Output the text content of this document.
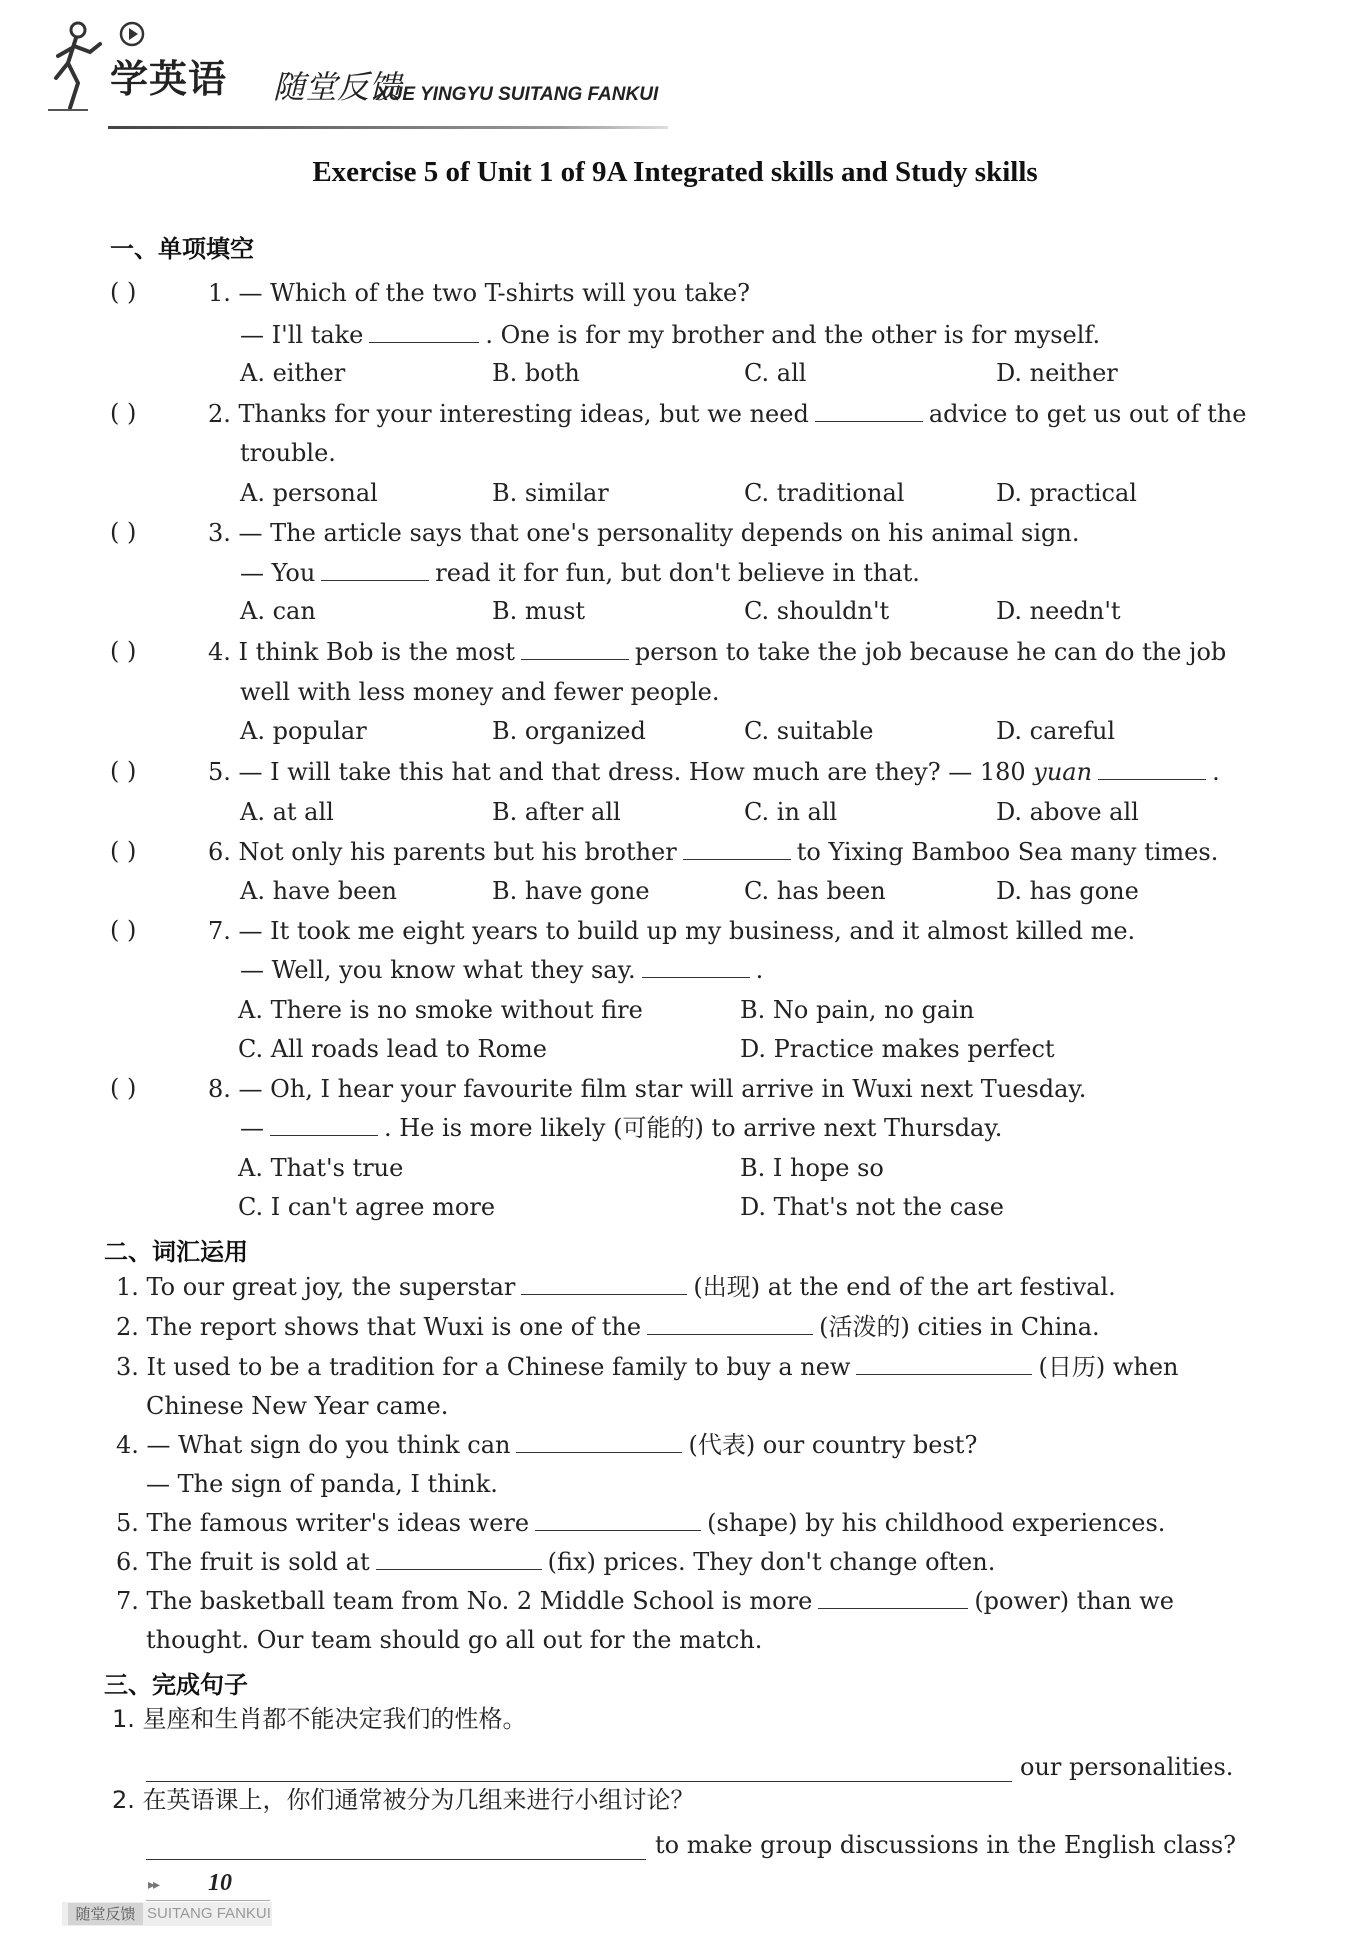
学英语 随堂反馈
XUE YINGYU SUITANG FANKUI
Exercise 5 of Unit 1 of 9A Integrated skills and Study skills
一、单项填空
( )	1. — Which of the two T-shirts will you take?
— I'll take	. One is for my brother and the other is for myself.
A. either	B. both	C. all	D. neither
( )	2. Thanks for your interesting ideas, but we need	advice to get us out of the
trouble.
A. personal	B. similar	C. traditional	D. practical
( )	3. — The article says that one's personality depends on his animal sign.
— You	read it for fun, but don't believe in that.
A. can	B. must	C. shouldn't	D. needn't
( )	4. I think Bob is the most	person to take the job because he can do the job
well with less money and fewer people.
A. popular	B. organized	C. suitable	D. careful
( )	5. — I will take this hat and that dress. How much are they? — 180 yuan	.
A. at all	B. after all	C. in all	D. above all
( )	6. Not only his parents but his brother	to Yixing Bamboo Sea many times.
A. have been	B. have gone	C. has been	D. has gone
( )	7. — It took me eight years to build up my business, and it almost killed me.
— Well, you know what they say.	.
A. There is no smoke without fire	B. No pain, no gain
C. All roads lead to Rome	D. Practice makes perfect
( )	8. — Oh, I hear your favourite film star will arrive in Wuxi next Tuesday.
—	. He is more likely (可能的) to arrive next Thursday.
A. That's true	B. I hope so
C. I can't agree more	D. That's not the case
二、词汇运用
1. To our great joy, the superstar	(出现) at the end of the art festival.
2. The report shows that Wuxi is one of the	(活泼的) cities in China.
3. It used to be a tradition for a Chinese family to buy a new	(日历) when
Chinese New Year came.
4. — What sign do you think can	(代表) our country best?
— The sign of panda, I think.
5. The famous writer's ideas were	(shape) by his childhood experiences.
6. The fruit is sold at	(fix) prices. They don't change often.
7. The basketball team from No. 2 Middle School is more	(power) than we
thought. Our team should go all out for the match.
三、完成句子
1. 星座和生肖都不能决定我们的性格。
our personalities.
2. 在英语课上，你们通常被分为几组来进行小组讨论？
to make group discussions in the English class?
▸▸ 10
随堂反馈 SUITANG FANKUI
